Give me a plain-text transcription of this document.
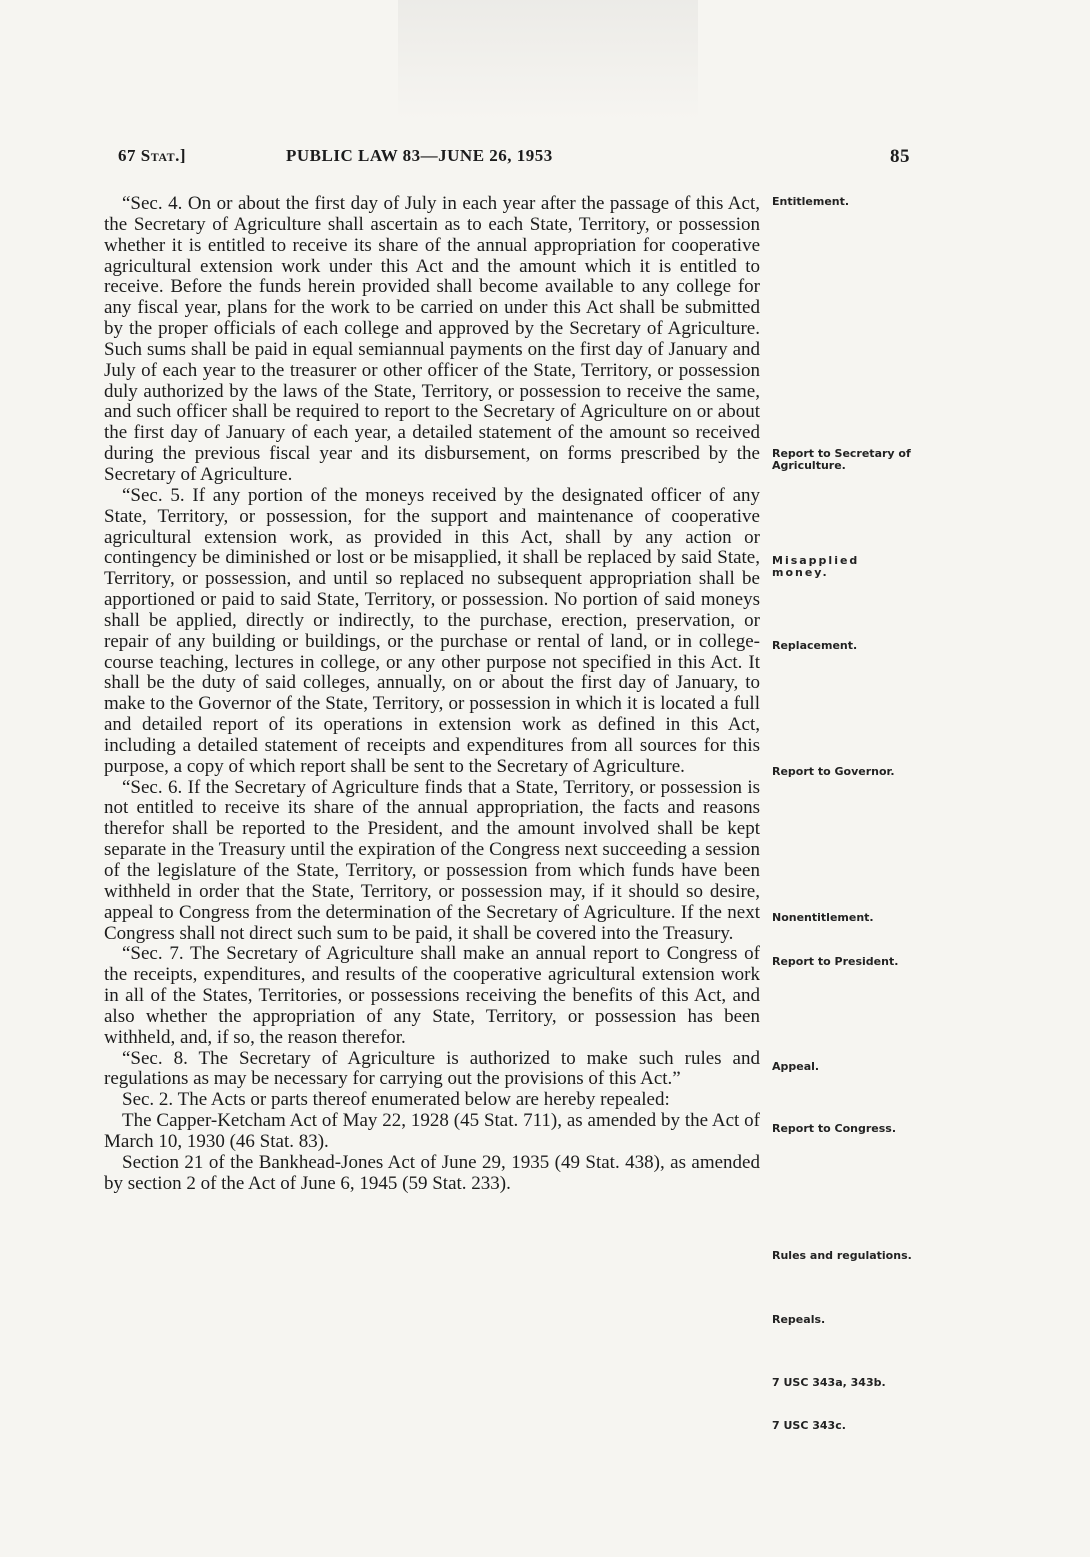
67 Stat.]	PUBLIC LAW 83—JUNE 26, 1953	85

“Sec. 4. On or about the first day of July in each year after the passage of this Act, the Secretary of Agriculture shall ascertain as to each State, Territory, or possession whether it is entitled to receive its share of the annual appropriation for cooperative agricultural extension work under this Act and the amount which it is entitled to receive. Before the funds herein provided shall become available to any college for any fiscal year, plans for the work to be carried on under this Act shall be submitted by the proper officials of each college and approved by the Secretary of Agriculture. Such sums shall be paid in equal semiannual payments on the first day of January and July of each year to the treasurer or other officer of the State, Territory, or possession duly authorized by the laws of the State, Territory, or possession to receive the same, and such officer shall be required to report to the Secretary of Agriculture on or about the first day of January of each year, a detailed statement of the amount so received during the previous fiscal year and its disbursement, on forms prescribed by the Secretary of Agriculture.

“Sec. 5. If any portion of the moneys received by the designated officer of any State, Territory, or possession, for the support and maintenance of cooperative agricultural extension work, as provided in this Act, shall by any action or contingency be diminished or lost or be misapplied, it shall be replaced by said State, Territory, or possession, and until so replaced no subsequent appropriation shall be apportioned or paid to said State, Territory, or possession. No portion of said moneys shall be applied, directly or indirectly, to the purchase, erection, preservation, or repair of any building or buildings, or the purchase or rental of land, or in college-course teaching, lectures in college, or any other purpose not specified in this Act. It shall be the duty of said colleges, annually, on or about the first day of January, to make to the Governor of the State, Territory, or possession in which it is located a full and detailed report of its operations in extension work as defined in this Act, including a detailed statement of receipts and expenditures from all sources for this purpose, a copy of which report shall be sent to the Secretary of Agriculture.

“Sec. 6. If the Secretary of Agriculture finds that a State, Territory, or possession is not entitled to receive its share of the annual appropriation, the facts and reasons therefor shall be reported to the President, and the amount involved shall be kept separate in the Treasury until the expiration of the Congress next succeeding a session of the legislature of the State, Territory, or possession from which funds have been withheld in order that the State, Territory, or possession may, if it should so desire, appeal to Congress from the determination of the Secretary of Agriculture. If the next Congress shall not direct such sum to be paid, it shall be covered into the Treasury.

“Sec. 7. The Secretary of Agriculture shall make an annual report to Congress of the receipts, expenditures, and results of the cooperative agricultural extension work in all of the States, Territories, or possessions receiving the benefits of this Act, and also whether the appropriation of any State, Territory, or possession has been withheld, and, if so, the reason therefor.

“Sec. 8. The Secretary of Agriculture is authorized to make such rules and regulations as may be necessary for carrying out the provisions of this Act.”

Sec. 2. The Acts or parts thereof enumerated below are hereby repealed:

The Capper-Ketcham Act of May 22, 1928 (45 Stat. 711), as amended by the Act of March 10, 1930 (46 Stat. 83).

Section 21 of the Bankhead-Jones Act of June 29, 1935 (49 Stat. 438), as amended by section 2 of the Act of June 6, 1945 (59 Stat. 233).

Entitlement.
Report to Secretary of Agriculture.
Misapplied money.
Replacement.
Report to Governor.
Nonentitlement.
Report to President.
Appeal.
Report to Congress.
Rules and regulations.
Repeals.
7 USC 343a, 343b.
7 USC 343c.
